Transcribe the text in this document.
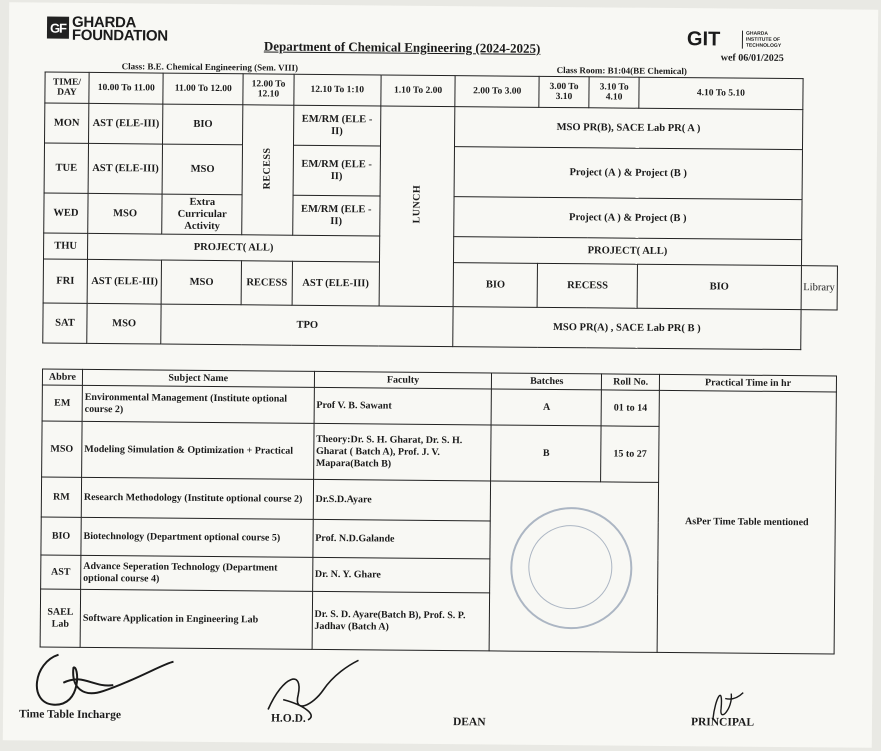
GF GHARDA
FOUNDATION
Department of Chemical Engineering (2024-2025)	GIT	GHARDA
INSTITUTE OF
TECHNOLOGY
wef 06/01/2025
Class: B.E. Chemical Engineering (Sem. VIII)	Class Room: B1:04(BE Chemical)
TIME/ DAY	10.00 To 11.00	11.00 To 12.00	12.00 To 12.10	12.10 To 1:10	1.10 To 2.00	2.00 To 3.00	3.00 To 3.10	3.10 To 4.10	4.10 To 5.10	
MON	AST (ELE-III)	BIO	RECESS	EM/RM (ELE -II)	LUNCH	MSO PR(B), SACE Lab PR( A )				
TUE	AST (ELE-III)	MSO		EM/RM (ELE -II)		Project (A ) & Project (B )				
WED	MSO	Extra Curricular Activity		EM/RM (ELE -II)		Project (A ) & Project (B )				
THU	PROJECT( ALL)					PROJECT( ALL)				
FRI	AST (ELE-III)	MSO	RECESS	AST (ELE-III)		BIO	RECESS		BIO	Library
SAT	MSO	TPO				MSO PR(A) , SACE Lab PR( B )				
Abbre	Subject Name	Faculty	Batches	Roll No.	Practical Time in hr
EM	Environmental Management (Institute optional course 2)	Prof V. B. Sawant	A	01 to 14	AsPer Time Table mentioned
MSO	Modeling Simulation & Optimization + Practical	Theory:Dr. S. H. Gharat, Dr. S. H. Gharat ( Batch A), Prof. J. V. Mapara(Batch B)	B	15 to 27	
RM	Research Methodology (Institute optional course 2)	Dr.S.D.Ayare			
BIO	Biotechnology (Department optional course 5)	Prof. N.D.Galande			
AST	Advance Seperation Technology (Department optional course 4)	Dr. N. Y. Ghare			
SAEL Lab	Software Application in Engineering Lab	Dr. S. D. Ayare(Batch B), Prof. S. P. Jadhav (Batch A)			
Time Table Incharge	H.O.D.	DEAN	PRINCIPAL
